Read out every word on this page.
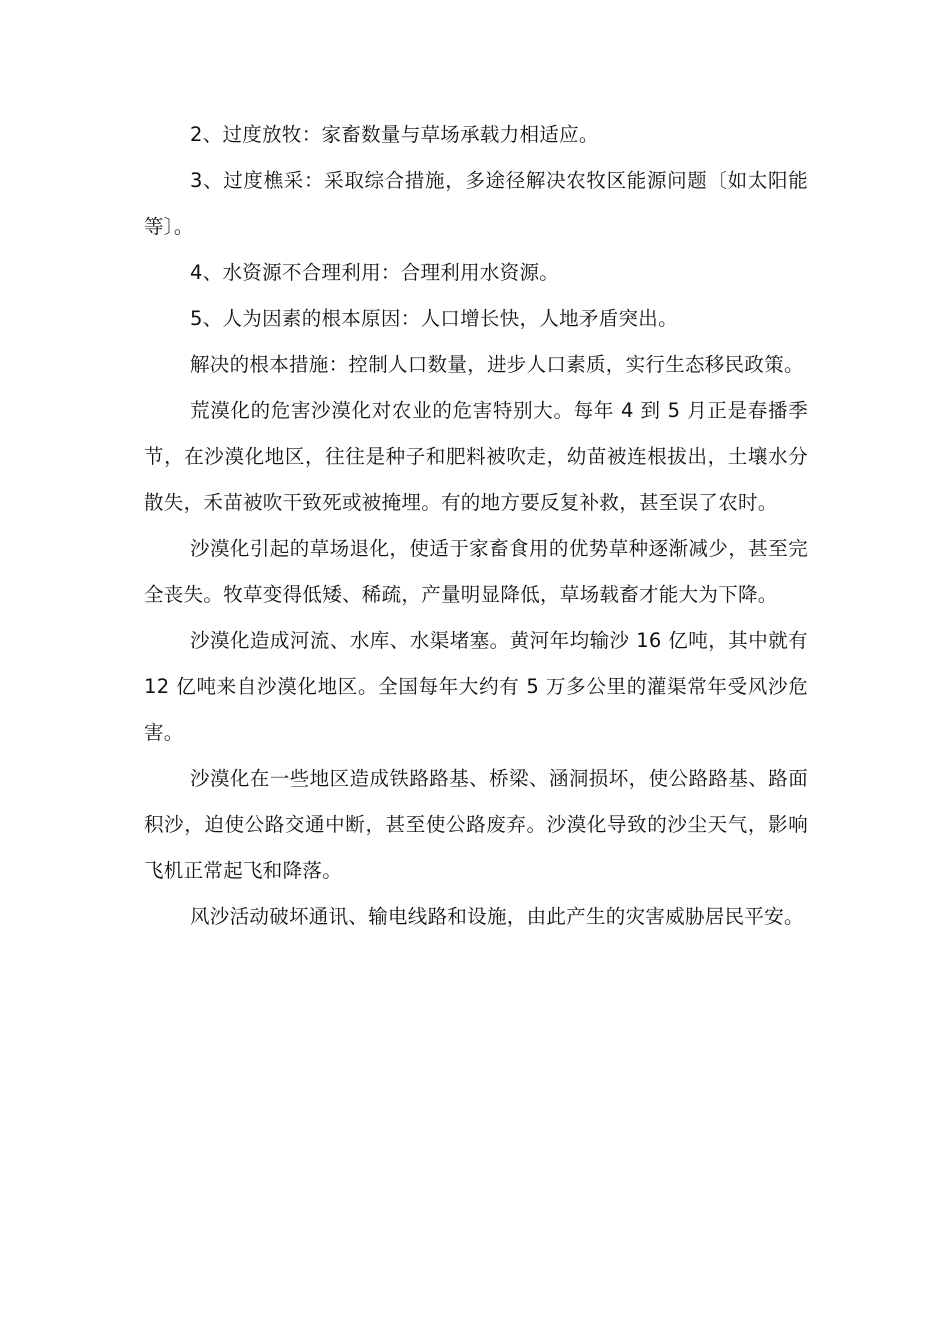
2、过度放牧：家畜数量与草场承载力相适应。

3、过度樵采：采取综合措施，多途径解决农牧区能源问题〔如太阳能等〕。

4、水资源不合理利用：合理利用水资源。

5、人为因素的根本原因：人口增长快，人地矛盾突出。

解决的根本措施：控制人口数量，进步人口素质，实行生态移民政策。

荒漠化的危害沙漠化对农业的危害特别大。每年 4 到 5 月正是春播季节，在沙漠化地区，往往是种子和肥料被吹走，幼苗被连根拔出，土壤水分散失，禾苗被吹干致死或被掩埋。有的地方要反复补救，甚至误了农时。

沙漠化引起的草场退化，使适于家畜食用的优势草种逐渐减少，甚至完全丧失。牧草变得低矮、稀疏，产量明显降低，草场载畜才能大为下降。

沙漠化造成河流、水库、水渠堵塞。黄河年均输沙 16 亿吨，其中就有 12 亿吨来自沙漠化地区。全国每年大约有 5 万多公里的灌渠常年受风沙危害。

沙漠化在一些地区造成铁路路基、桥梁、涵洞损坏，使公路路基、路面积沙，迫使公路交通中断，甚至使公路废弃。沙漠化导致的沙尘天气，影响飞机正常起飞和降落。

风沙活动破坏通讯、输电线路和设施，由此产生的灾害威胁居民平安。
